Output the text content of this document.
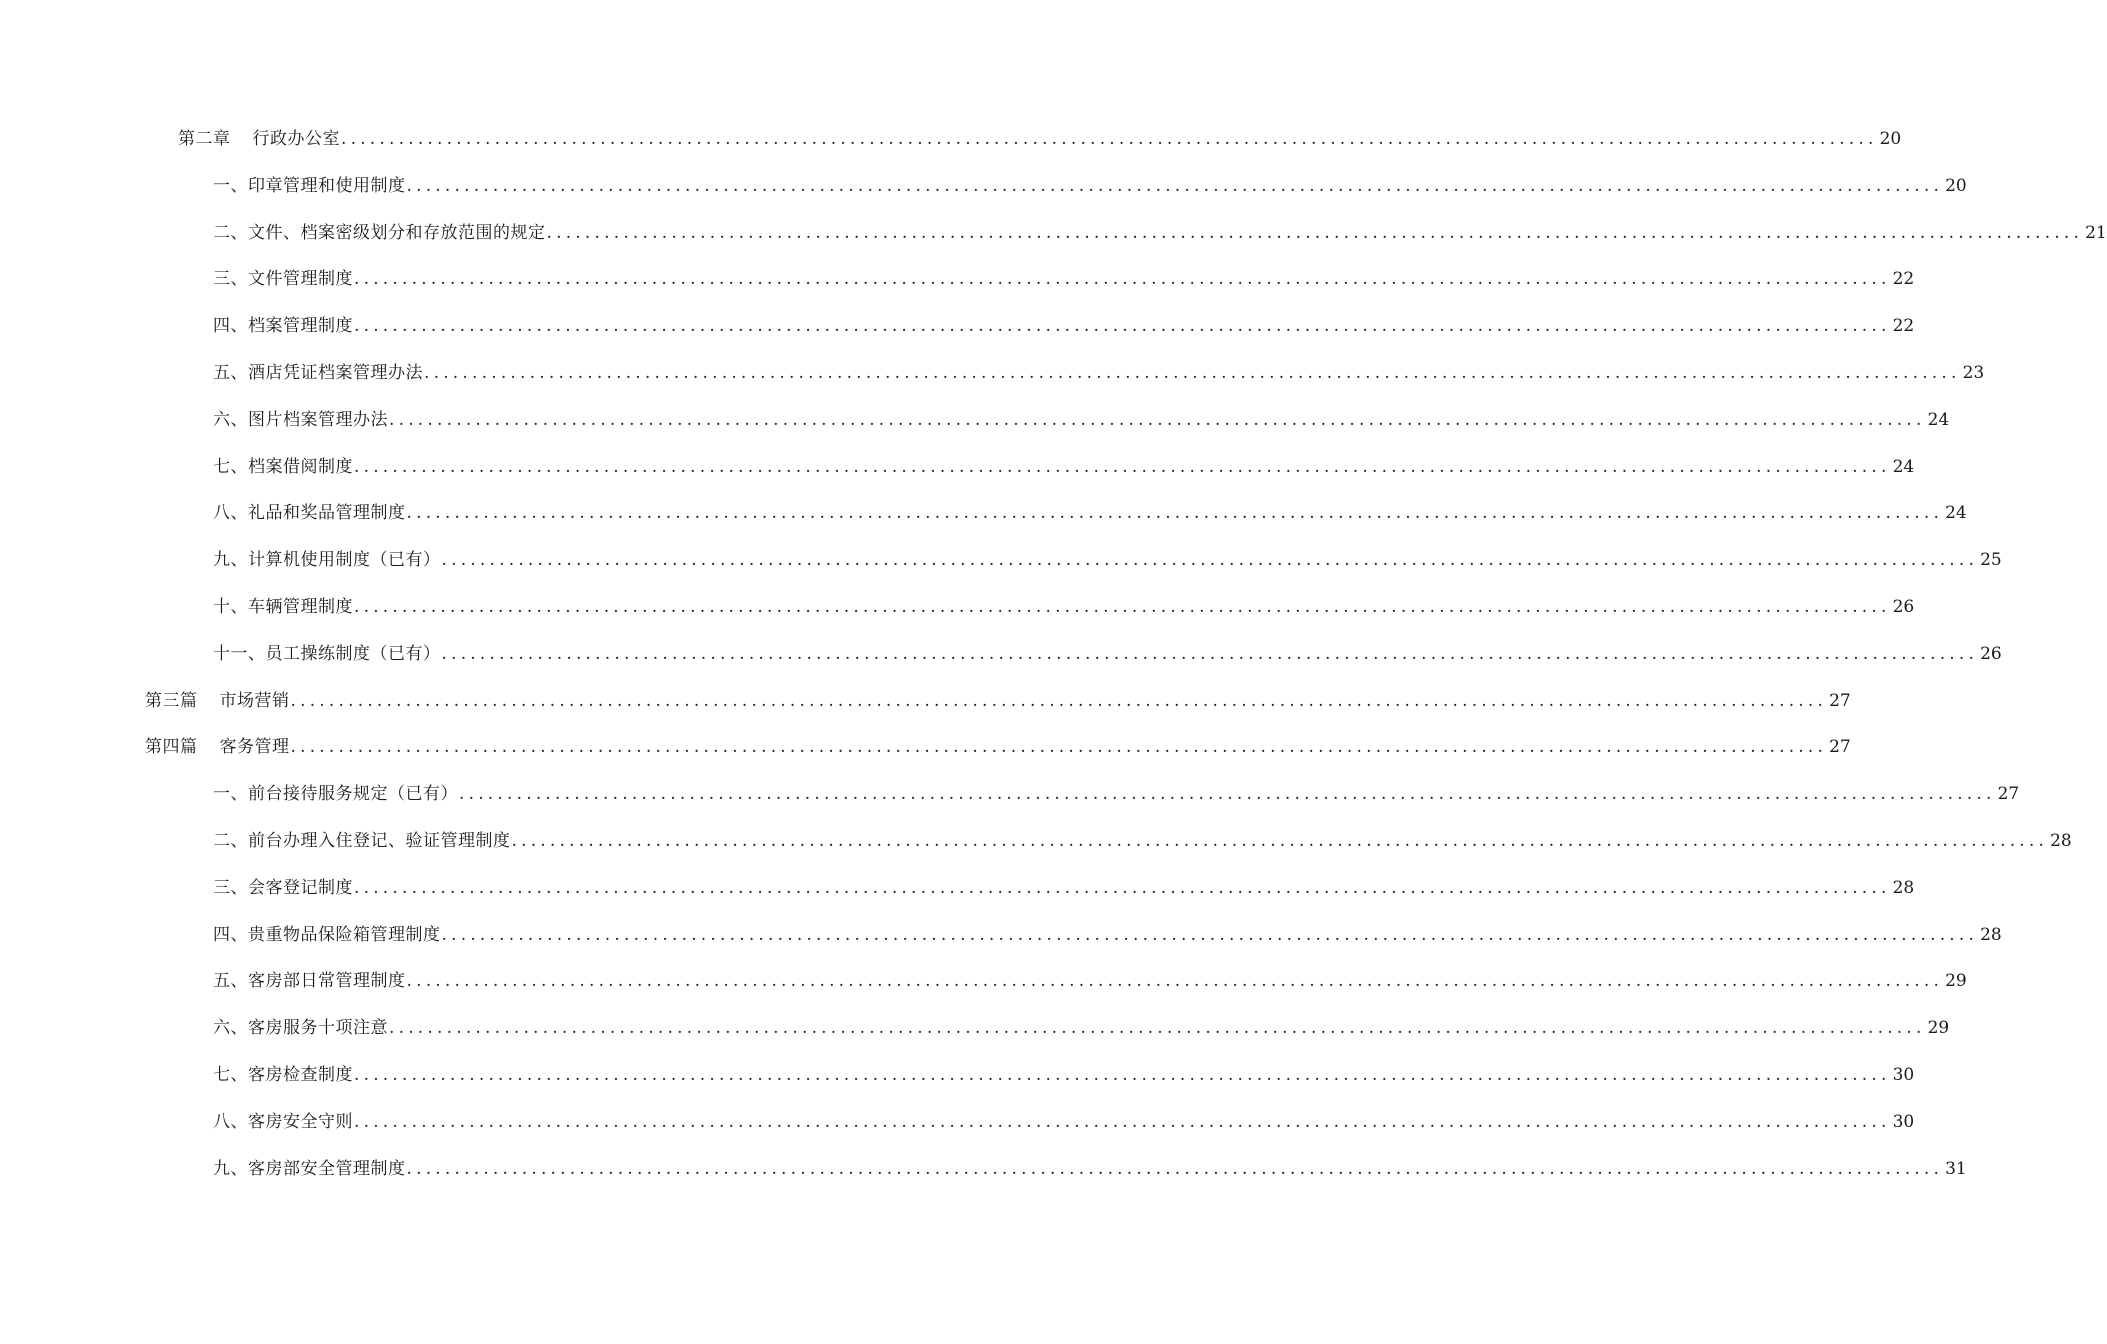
第二章 行政办公室 ................................................................................................................................................................ 20
一、印章管理和使用制度 ................................................................................................................................................................ 20
二、文件、档案密级划分和存放范围的规定 ................................................................................................................................................................ 21
三、文件管理制度 ................................................................................................................................................................ 22
四、档案管理制度 ................................................................................................................................................................ 22
五、酒店凭证档案管理办法 ................................................................................................................................................................ 23
六、图片档案管理办法 ................................................................................................................................................................ 24
七、档案借阅制度 ................................................................................................................................................................ 24
八、礼品和奖品管理制度 ................................................................................................................................................................ 24
九、计算机使用制度（已有） ................................................................................................................................................................ 25
十、车辆管理制度 ................................................................................................................................................................ 26
十一、员工操练制度（已有） ................................................................................................................................................................ 26
第三篇 市场营销 ................................................................................................................................................................ 27
第四篇 客务管理 ................................................................................................................................................................ 27
一、前台接待服务规定（已有） ................................................................................................................................................................ 27
二、前台办理入住登记、验证管理制度 ................................................................................................................................................................ 28
三、会客登记制度 ................................................................................................................................................................ 28
四、贵重物品保险箱管理制度 ................................................................................................................................................................ 28
五、客房部日常管理制度 ................................................................................................................................................................ 29
六、客房服务十项注意 ................................................................................................................................................................ 29
七、客房检查制度 ................................................................................................................................................................ 30
八、客房安全守则 ................................................................................................................................................................ 30
九、客房部安全管理制度 ................................................................................................................................................................ 31
